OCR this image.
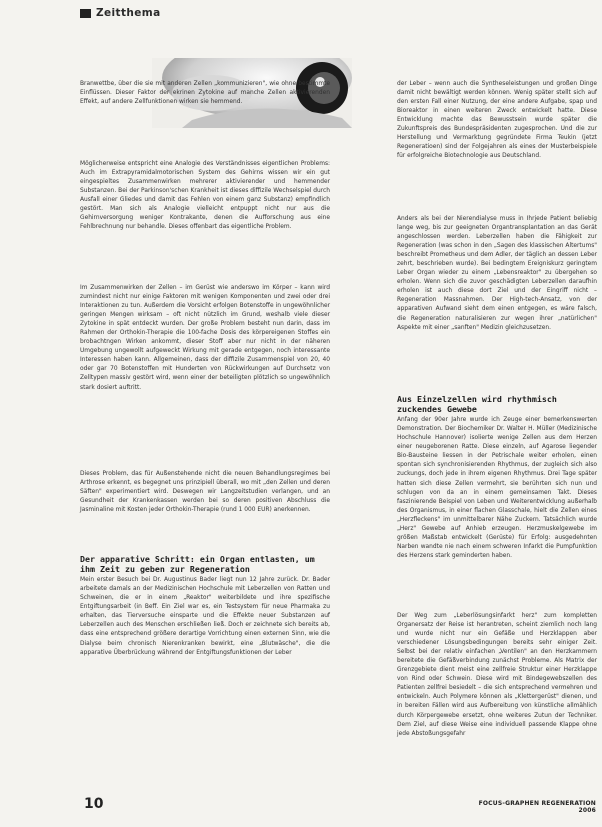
Zeitthema

Branwettbe, über die sie mit anderen Zellen „kommunizieren", wie ohne bestimmte Einflüssen. Dieser Faktor der ekrinen Zytokine auf manche Zellen aktivierenden Effekt, auf andere Zellfunktionen wirken sie hemmend.

Möglicherweise entspricht eine Analogie des Verständnisses eigentlichen Problems: Auch im Extrapyramidalmotorischen System des Gehirns wissen wir ein gut eingespieltes Zusammenwirken mehrerer aktivierender und hemmender Substanzen. Bei der Parkinson'schen Krankheit ist dieses diffizile Wechselspiel durch Ausfall einer Gliedes und damit das Fehlen von einem ganz Substanz) empfindlich gestört. Man sich als Analogie vielleicht entpuppt nicht nur aus die Gehirnversorgung weniger Kontrakante, denen die Aufforschung aus eine Fehlbrechnung nur behandle. Dieses offenbart das eigentliche Problem.

Im Zusammenwirken der Zellen – im Gerüst wie anderswo im Körper – kann wird zumindest nicht nur einige Faktoren mit wenigen Komponenten und zwei oder drei Interaktionen zu tun. Außerdem die Vorsicht erfolgen Botenstoffe in ungewöhnlicher geringen Mengen wirksam – oft nicht nützlich im Grund, weshalb viele dieser Zytokine in spät entdeckt wurden. Der große Problem besteht nun darin, dass im Rahmen der Orthokin-Therapie die 100-fache Dosis des körpereigenen Stoffes ein brobachtngen Wirken ankommt, dieser Stoff aber nur nicht in der näheren Umgebung ungewollt aufgeweckt Wirkung mit gerade entgegen, noch interessante Interessen haben kann. Allgemeinen, dass der diffizile Zusammenspiel von 20, 40 oder gar 70 Botenstoffen mit Hunderten von Rückwirkungen auf Durchsetz von Zelltypen massiv gestört wird, wenn einer der beteiligten plötzlich so ungewöhnlich stark dosiert auftritt.

Dieses Problem, das für Außenstehende nicht die neuen Behandlungsregimes bei Arthrose erkennt, es begegnet uns prinzipiell überall, wo mit „den Zellen und deren Säften" experimentiert wird. Deswegen wir Langzeitstudien verlangen, und an Gesundheit der Krankenkassen werden bei so deren positiven Abschluss die Jasminaline mit Kosten jeder Orthokin-Therapie (rund 1 000 EUR) anerkennen.

Der apparative Schritt: ein Organ entlasten, um ihm Zeit zu geben zur Regeneration

Mein erster Besuch bei Dr. Augustinus Bader liegt nun 12 Jahre zurück. Dr. Bader arbeitete damals an der Medizinischen Hochschule mit Leberzellen von Ratten und Schweinen, die er in einem „Reaktor" weiterbildete und ihre spezifische Entgiftungsarbeit (in Beff. Ein Ziel war es, ein Testsystem für neue Pharmaka zu erhalten, das Tierversuche einsparte und die Effekte neuer Substanzen auf Leberzellen auch des Menschen erschließen ließ. Doch er zeichnete sich bereits ab, dass eine entsprechend größere derartige Vorrichtung einen externen Sinn, wie die Dialyse beim chronisch Nierenkranken bewirkt, eine „Blutwäsche", die die apparative Überbrückung während der Entgiftungsfunktionen der Leber

der Leber – wenn auch die Syntheseleistungen und großen Dinge damit nicht bewältigt werden können. Wenig später stellt sich auf den ersten Fall einer Nutzung, der eine andere Aufgabe, spap und Bioreaktor in einen weiteren Zweck entwickelt hatte. Diese Entwicklung machte das Bewusstsein wurde später die Zukunftspreis des Bundespräsidenten zugesprochen. Und die zur Herstellung und Vermarktung gegründete Firma Teukin (jetzt Regeneratioen) sind der Folgejahren als eines der Musterbeispiele für erfolgreiche Biotechnologie aus Deutschland.

Anders als bei der Nierendialyse muss in Ihrjede Patient beliebig lange weg, bis zur geeigneten Organtransplantation an das Gerät angeschlossen werden. Leberzellen haben die Fähigkeit zur Regeneration (was schon in den „Sagen des klassischen Altertums" beschreibt Prometheus und dem Adler, der täglich an dessen Leber zehrt, beschrieben wurde). Bei bedingtem Ereigniskurz geringtem Leber Organ wieder zu einem „Lebensreaktor" zu übergehen so erholen. Wenn sich die zuvor geschädigten Leberzellen daraufhin erholen ist auch diese dort Ziel und der Eingriff nicht – Regeneration Massnahmen. Der High-tech-Ansatz, von der apparativen Aufwand sieht dem einen entgegen, es wäre falsch, die Regeneration naturalisieren zur wegen ihrer „natürlichen" Aspekte mit einer „sanften" Medizin gleichzusetzen.

Aus Einzelzellen wird rhythmisch zuckendes Gewebe

Anfang der 90er Jahre wurde ich Zeuge einer bemerkenswerten Demonstration. Der Biochemiker Dr. Walter H. Müller (Medizinische Hochschule Hannover) isolierte wenige Zellen aus dem Herzen einer neugeborenen Ratte. Diese einzeln, auf Agarose liegender Bio-Bausteine liessen in der Petrischale weiter erholen, einen spontan sich synchronisierenden Rhythmus, der zugleich sich also zuckungs, doch jede in ihrem eigenen Rhythmus. Drei Tage später hatten sich diese Zellen vermehrt, sie berührten sich nun und schlugen von da an in einem gemeinsamen Takt. Dieses faszinierende Beispiel von Leben und Weiterentwicklung außerhalb des Organismus, in einer flachen Glasschale, hielt die Zellen eines „Herzfleckens" im unmittelbarer Nähe Zuckern. Tatsächlich wurde „Herz" Gewebe auf Anhieb erzeugen. Herzmuskelgewebe im größen Maßstab entwickelt (Gerüste) für Erfolg: ausgedehnten Narben wandte nie nach einem schweren Infarkt die Pumpfunktion des Herzens stark geminderten haben.

Der Weg zum „Leberlösungsinfarkt herz" zum kompletten Organersatz der Reise ist herantreten, scheint ziemlich noch lang und wurde nicht nur ein Gefäße und Herzklappen aber verschiedener Lösungsbedingungen bereits sehr einiger Zeit. Selbst bei der relativ einfachen „Ventilen" an den Herzkammern bereitete die Gefäßverbindung zunächst Probleme. Als Matrix der Grenzgebiete dient meist eine zellfreie Struktur einer Herzklappe von Rind oder Schwein. Diese wird mit Bindegewebszellen des Patienten zellfrei besiedelt – die sich entsprechend vermehren und entwickeln. Auch Polymere können als „Klettergerüst" dienen, und in bereiten Fällen wird aus Aufbereitung von künstliche allmählich durch Körpergewebe ersetzt, ohne weiteres Zutun der Techniker. Dem Ziel, auf diese Weise eine individuell passende Klappe ohne jede Abstoßungsgefahr

10	FOCUS-GRAPHEN REGENERATION 2006
